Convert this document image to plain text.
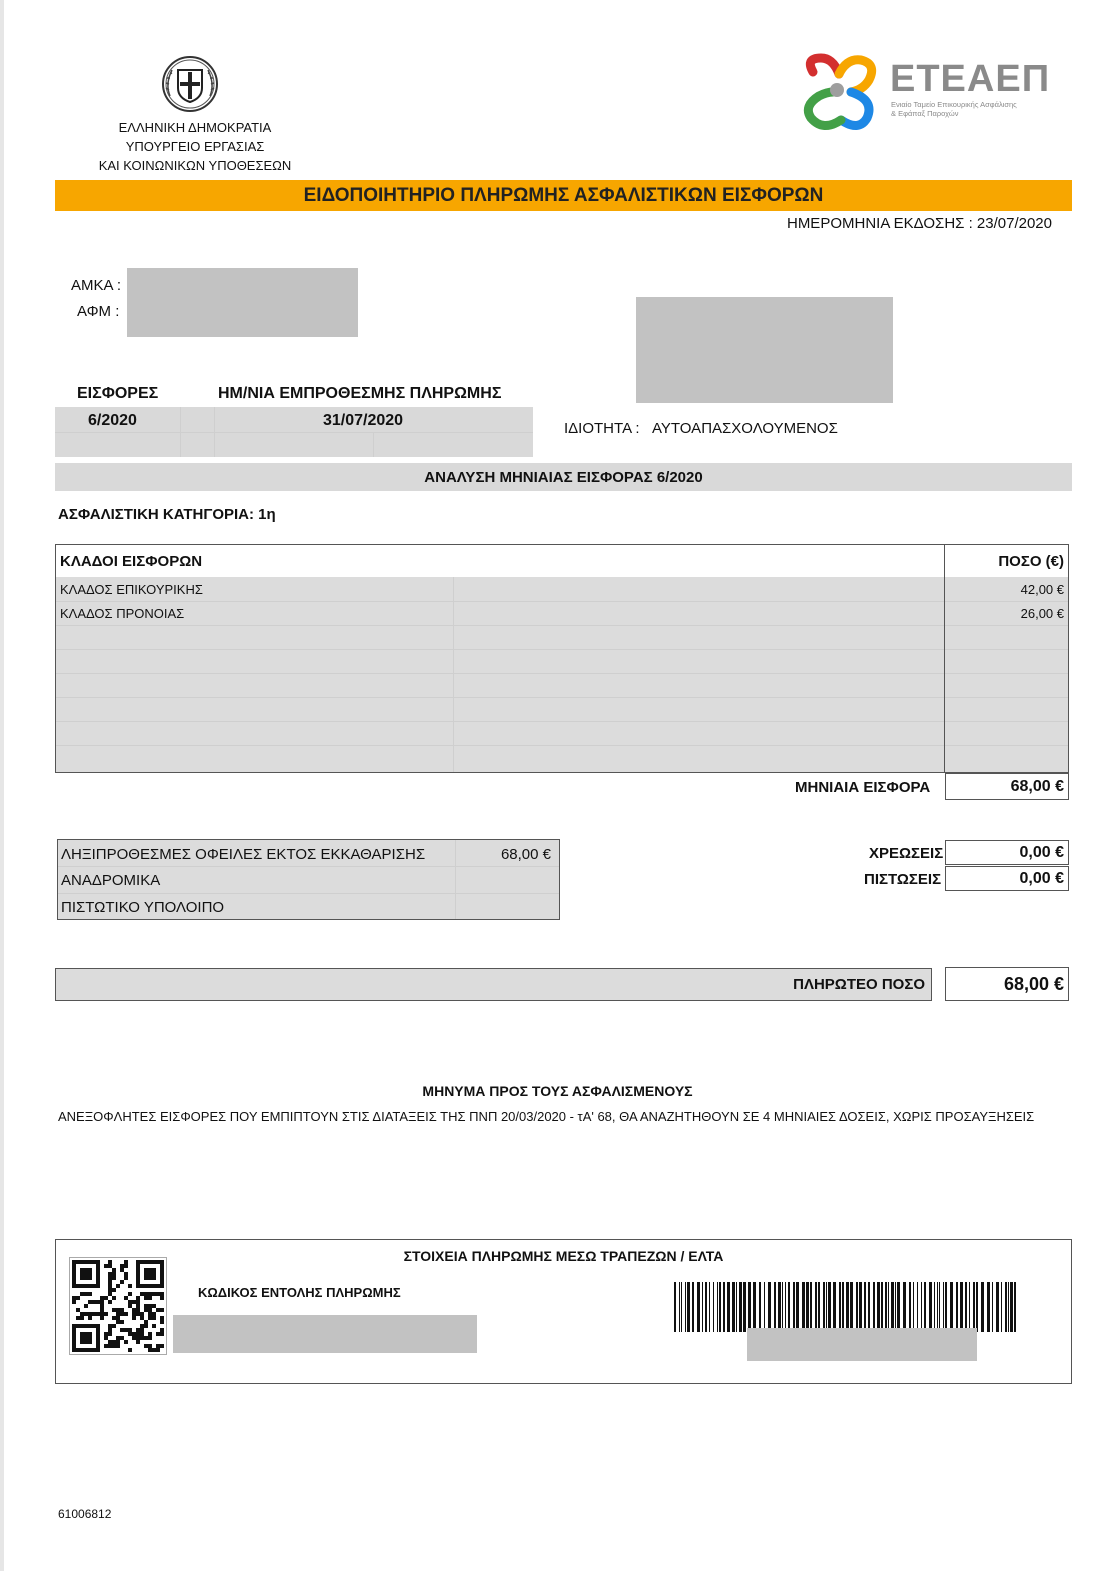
ΕΛΛΗΝΙΚΗ ΔΗΜΟΚΡΑΤΙΑ
ΥΠΟΥΡΓΕΙΟ ΕΡΓΑΣΙΑΣ
ΚΑΙ ΚΟΙΝΩΝΙΚΩΝ ΥΠΟΘΕΣΕΩΝ
ΕΤΕΑΕΠ
Ενιαίο Ταμείο Επικουρικής Ασφάλισης
& Εφάπαξ Παροχών
ΕΙΔΟΠΟΙΗΤΗΡΙΟ ΠΛΗΡΩΜΗΣ ΑΣΦΑΛΙΣΤΙΚΩΝ ΕΙΣΦΟΡΩΝ
ΗΜΕΡΟΜΗΝΙΑ ΕΚΔΟΣΗΣ : 23/07/2020
ΑΜΚΑ :
ΑΦΜ :
ΕΙΣΦΟΡΕΣ	ΗΜ/ΝΙΑ ΕΜΠΡΟΘΕΣΜΗΣ ΠΛΗΡΩΜΗΣ
6/2020	31/07/2020	ΙΔΙΟΤΗΤΑ : ΑΥΤΟΑΠΑΣΧΟΛΟΥΜΕΝΟΣ
ΑΝΑΛΥΣΗ ΜΗΝΙΑΙΑΣ ΕΙΣΦΟΡΑΣ 6/2020
ΑΣΦΑΛΙΣΤΙΚΗ ΚΑΤΗΓΟΡΙΑ: 1η
ΚΛΑΔΟΙ ΕΙΣΦΟΡΩΝ	ΠΟΣΟ (€)
ΚΛΑΔΟΣ ΕΠΙΚΟΥΡΙΚΗΣ	42,00 €
ΚΛΑΔΟΣ ΠΡΟΝΟΙΑΣ	26,00 €
ΜΗΝΙΑΙΑ ΕΙΣΦΟΡΑ	68,00 €
ΛΗΞΙΠΡΟΘΕΣΜΕΣ ΟΦΕΙΛΕΣ ΕΚΤΟΣ ΕΚΚΑΘΑΡΙΣΗΣ	68,00 €
ΑΝΑΔΡΟΜΙΚΑ
ΠΙΣΤΩΤΙΚΟ ΥΠΟΛΟΙΠΟ
ΧΡΕΩΣΕΙΣ	0,00 €
ΠΙΣΤΩΣΕΙΣ	0,00 €
ΠΛΗΡΩΤΕΟ ΠΟΣΟ	68,00 €
ΜΗΝΥΜΑ ΠΡΟΣ ΤΟΥΣ ΑΣΦΑΛΙΣΜΕΝΟΥΣ
ΑΝΕΞΟΦΛΗΤΕΣ ΕΙΣΦΟΡΕΣ ΠΟΥ ΕΜΠΙΠΤΟΥΝ ΣΤΙΣ ΔΙΑΤΑΞΕΙΣ ΤΗΣ ΠΝΠ 20/03/2020 - τΑ' 68, ΘΑ ΑΝΑΖΗΤΗΘΟΥΝ ΣΕ 4 ΜΗΝΙΑΙΕΣ ΔΟΣΕΙΣ, ΧΩΡΙΣ ΠΡΟΣΑΥΞΗΣΕΙΣ
ΣΤΟΙΧΕΙΑ ΠΛΗΡΩΜΗΣ ΜΕΣΩ ΤΡΑΠΕΖΩΝ / ΕΛΤΑ
ΚΩΔΙΚΟΣ ΕΝΤΟΛΗΣ ΠΛΗΡΩΜΗΣ
61006812
